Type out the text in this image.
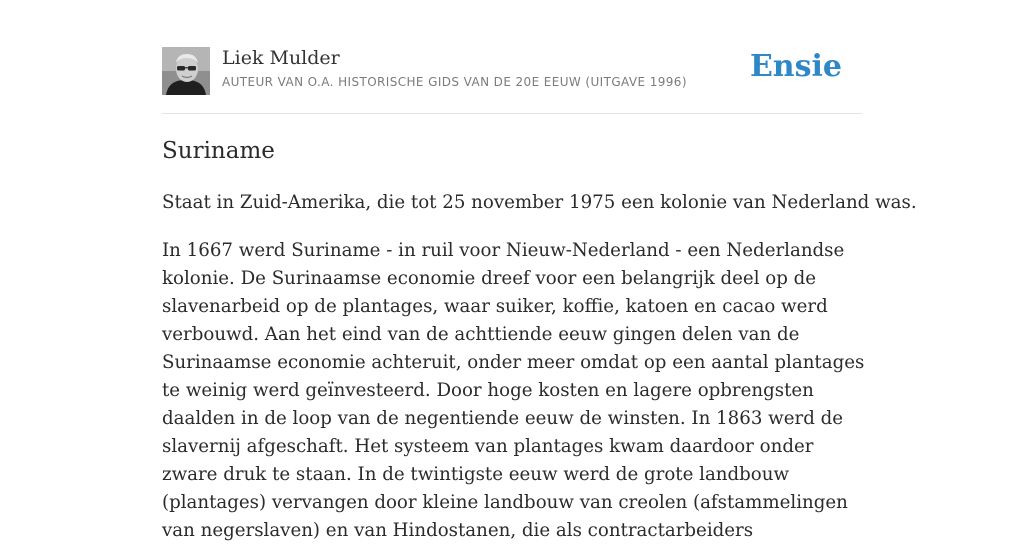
Liek Mulder
AUTEUR VAN O.A. HISTORISCHE GIDS VAN DE 20E EEUW (UITGAVE 1996) Ensie
Suriname

Staat in Zuid-Amerika, die tot 25 november 1975 een kolonie van Nederland was.

In 1667 werd Suriname - in ruil voor Nieuw-Nederland - een Nederlandse kolonie. De Surinaamse economie dreef voor een belangrijk deel op de slavenarbeid op de plantages, waar suiker, koffie, katoen en cacao werd verbouwd. Aan het eind van de achttiende eeuw gingen delen van de Surinaamse economie achteruit, onder meer omdat op een aantal plantages te weinig werd geïnvesteerd. Door hoge kosten en lagere opbrengsten daalden in de loop van de negentiende eeuw de winsten. In 1863 werd de slavernij afgeschaft. Het systeem van plantages kwam daardoor onder zware druk te staan. In de twintigste eeuw werd de grote landbouw (plantages) vervangen door kleine landbouw van creolen (afstammelingen van negerslaven) en van Hindostanen, die als contractarbeiders
